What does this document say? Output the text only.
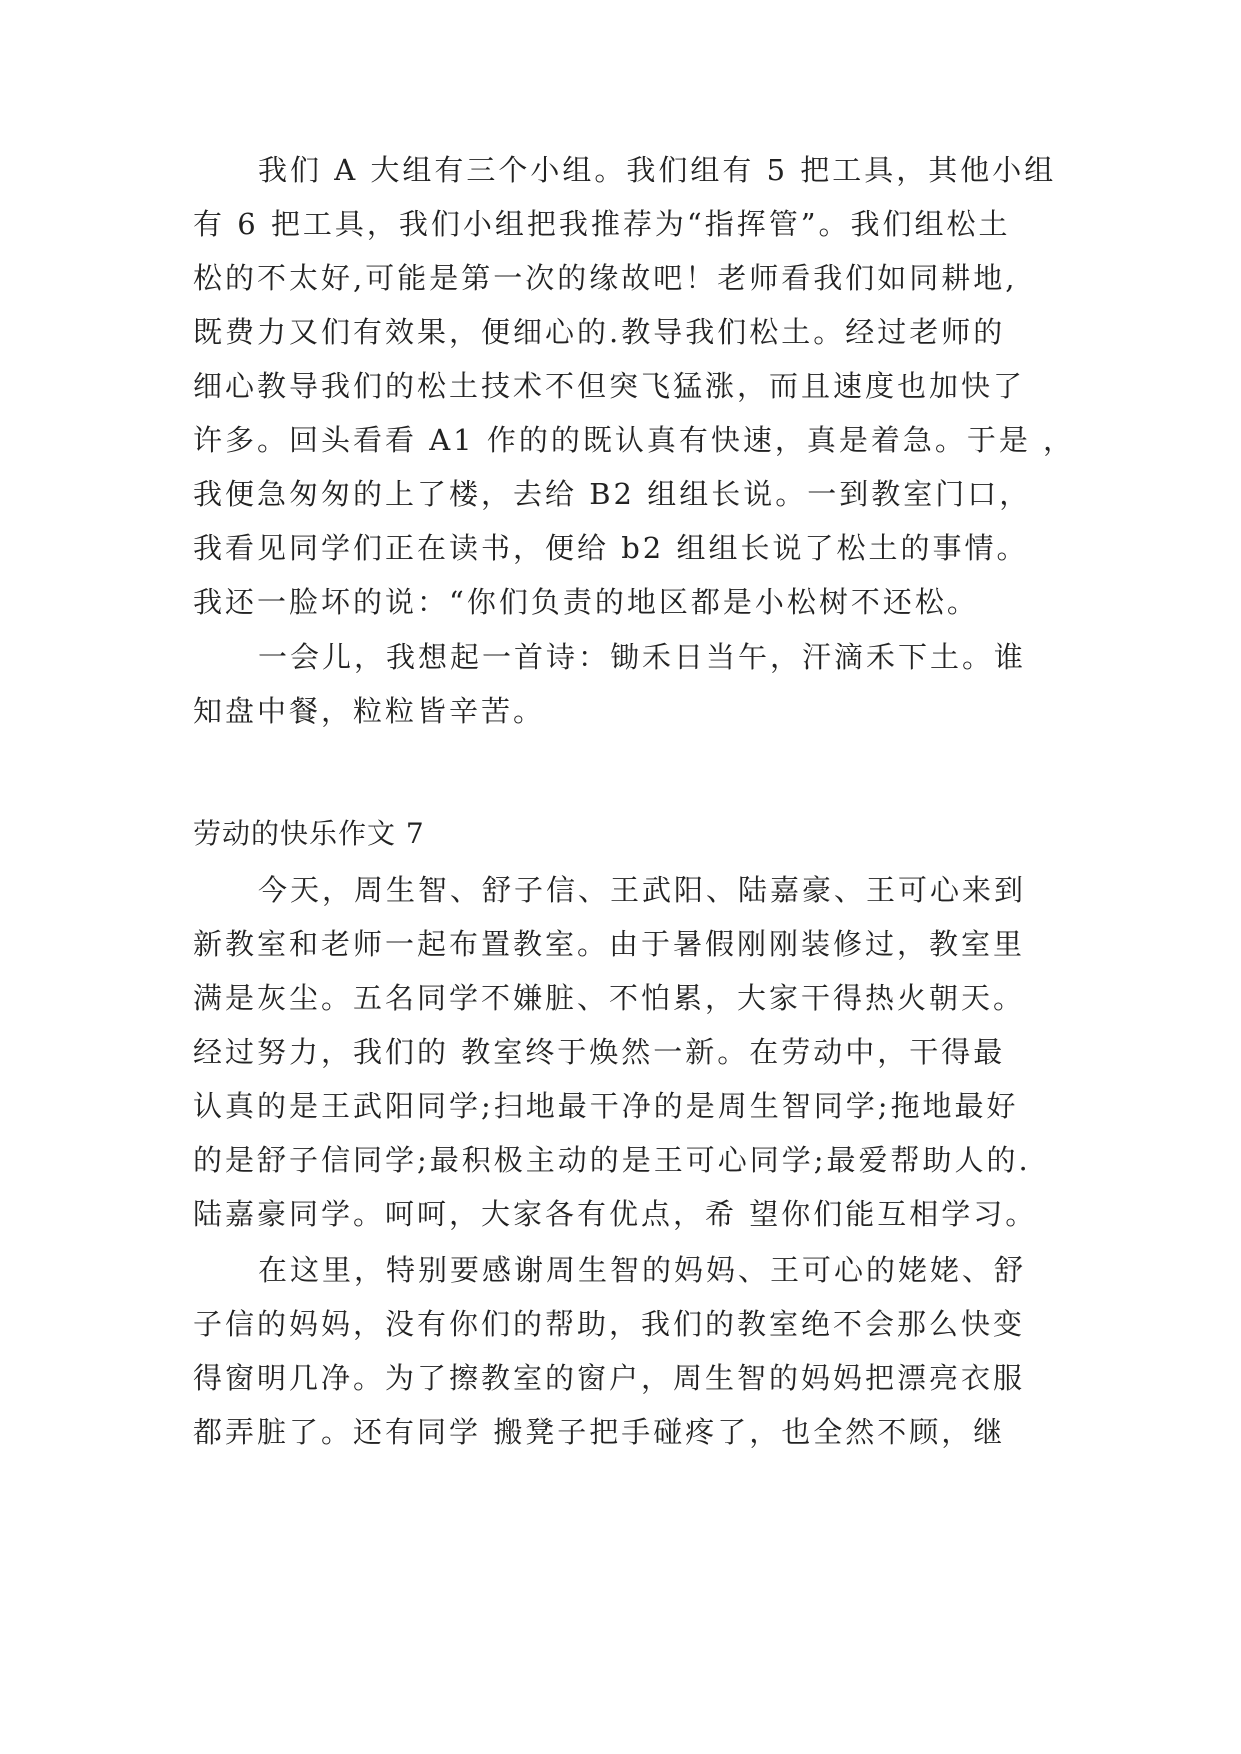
我们 A 大组有三个小组。我们组有 5 把工具，其他小组
有 6 把工具，我们小组把我推荐为“指挥管”。我们组松土
松的不太好,可能是第一次的缘故吧！老师看我们如同耕地,
既费力又们有效果，便细心的.教导我们松土。经过老师的
细心教导我们的松土技术不但突飞猛涨，而且速度也加快了
许多。回头看看 A1 作的的既认真有快速，真是着急。于是 ，
我便急匆匆的上了楼，去给 B2 组组长说。一到教室门口，
我看见同学们正在读书，便给 b2 组组长说了松土的事情。
我还一脸坏的说：“你们负责的地区都是小松树不还松。
一会儿，我想起一首诗：锄禾日当午，汗滴禾下土。谁
知盘中餐，粒粒皆辛苦。
劳动的快乐作文 7
今天，周生智、舒子信、王武阳、陆嘉豪、王可心来到
新教室和老师一起布置教室。由于暑假刚刚装修过，教室里
满是灰尘。五名同学不嫌脏、不怕累，大家干得热火朝天。
经过努力，我们的 教室终于焕然一新。在劳动中，干得最
认真的是王武阳同学;扫地最干净的是周生智同学;拖地最好
的是舒子信同学;最积极主动的是王可心同学;最爱帮助人的.
陆嘉豪同学。呵呵，大家各有优点，希 望你们能互相学习。
在这里，特别要感谢周生智的妈妈、王可心的姥姥、舒
子信的妈妈，没有你们的帮助，我们的教室绝不会那么快变
得窗明几净。为了擦教室的窗户，周生智的妈妈把漂亮衣服
都弄脏了。还有同学 搬凳子把手碰疼了，也全然不顾，继
